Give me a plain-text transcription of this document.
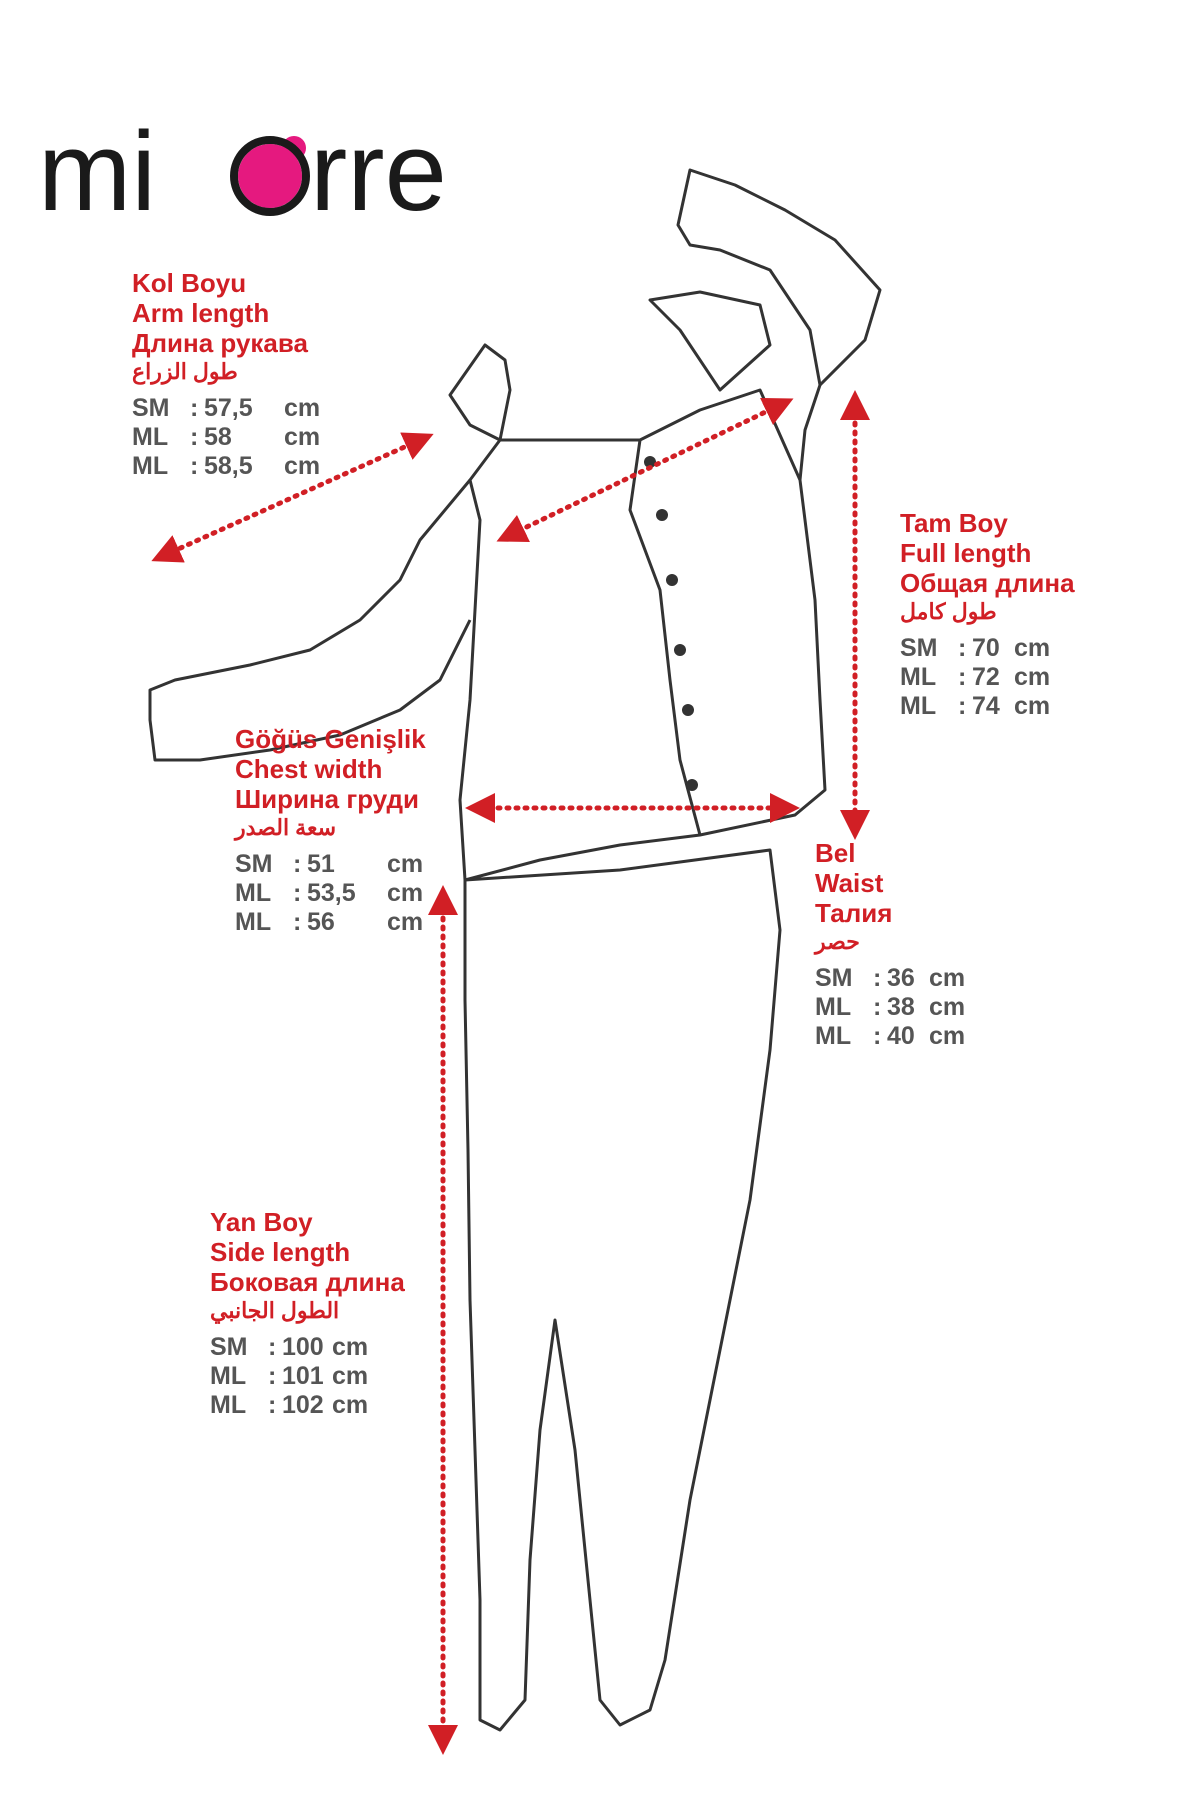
mi rre
Kol Boyu
Arm length
Длина рукава
طول الزراع
SM : 57,5	cm
ML : 58	cm
ML : 58,5	cm
Tam Boy
Full length
Общая длина
طول كامل
SM : 70 cm
ML : 72 cm
ML : 74 cm
Göğüs Genişlik
Chest width
Ширина груди
سعة الصدر
SM : 51	cm
ML : 53,5	cm
ML : 56	cm
Bel
Waist
Талия
حصر
SM : 36 cm
ML : 38 cm
ML : 40 cm
Yan Boy
Side length
Боковая длина
الطول الجانبي
SM : 100 cm
ML : 101 cm
ML : 102 cm
